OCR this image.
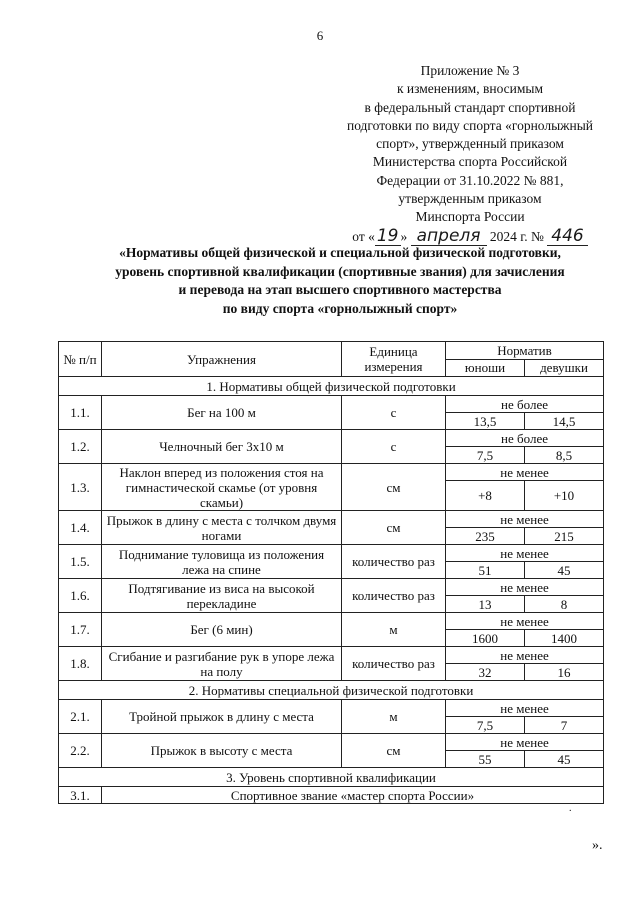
6
Приложение № 3
к изменениям, вносимым
в федеральный стандарт спортивной
подготовки по виду спорта «горнолыжный
спорт», утвержденный приказом
Министерства спорта Российской
Федерации от 31.10.2022 № 881,
утвержденным приказом
Минспорта России
от « 19 » апреля 2024 г. № 446
«Нормативы общей физической и специальной физической подготовки,
уровень спортивной квалификации (спортивные звания) для зачисления
и перевода на этап высшего спортивного мастерства
по виду спорта «горнолыжный спорт»
№ п/п	Упражнения	Единица измерения	Норматив	
			юноши	девушки
1. Нормативы общей физической подготовки				
1.1.	Бег на 100 м	с	не более	
			13,5	14,5
1.2.	Челночный бег 3х10 м	с	не более	
			7,5	8,5
1.3.	Наклон вперед из положения стоя на гимнастической скамье (от уровня скамьи)	см	не менее	
			+8	+10
1.4.	Прыжок в длину с места с толчком двумя ногами	см	не менее	
			235	215
1.5.	Поднимание туловища из положения лежа на спине	количество раз	не менее	
			51	45
1.6.	Подтягивание из виса на высокой перекладине	количество раз	не менее	
			13	8
1.7.	Бег (6 мин)	м	не менее	
			1600	1400
1.8.	Сгибание и разгибание рук в упоре лежа на полу	количество раз	не менее	
			32	16
2. Нормативы специальной физической подготовки				
2.1.	Тройной прыжок в длину с места	м	не менее	
			7,5	7
2.2.	Прыжок в высоту с места	см	не менее	
			55	45
3. Уровень спортивной квалификации				
3.1.	Спортивное звание «мастер спорта России»			
.
».
